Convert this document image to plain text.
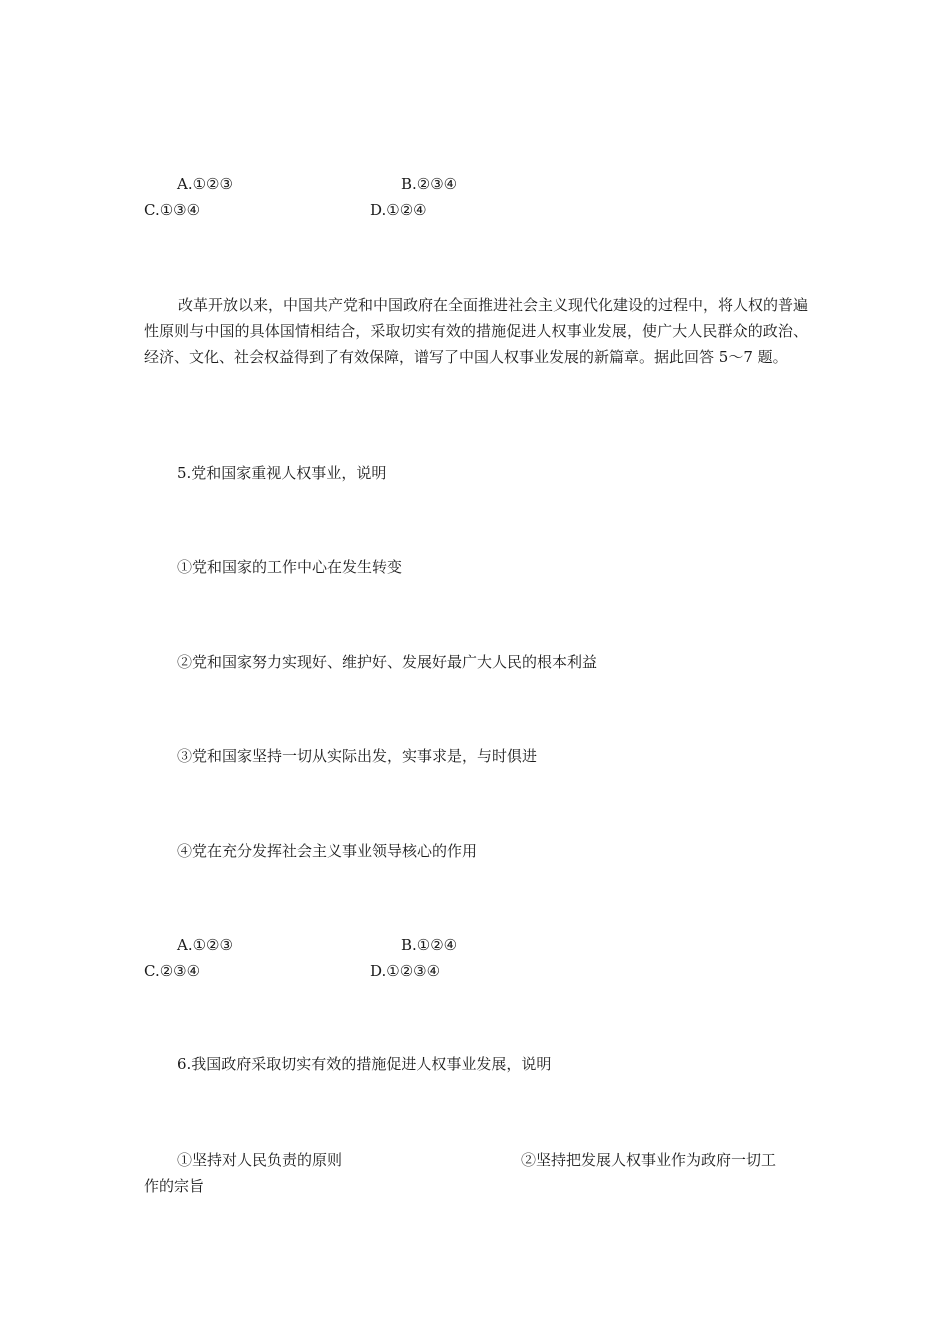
A.①②③	B.②③④
C.①③④	D.①②④
改革开放以来，中国共产党和中国政府在全面推进社会主义现代化建设的过程中，将人权的普遍性原则与中国的具体国情相结合，采取切实有效的措施促进人权事业发展，使广大人民群众的政治、经济、文化、社会权益得到了有效保障，谱写了中国人权事业发展的新篇章。据此回答 5～7 题。
5.党和国家重视人权事业，说明
①党和国家的工作中心在发生转变
②党和国家努力实现好、维护好、发展好最广大人民的根本利益
③党和国家坚持一切从实际出发，实事求是，与时俱进
④党在充分发挥社会主义事业领导核心的作用
A.①②③	B.①②④
C.②③④	D.①②③④
6.我国政府采取切实有效的措施促进人权事业发展，说明
①坚持对人民负责的原则	②坚持把发展人权事业作为政府一切工
作的宗旨
